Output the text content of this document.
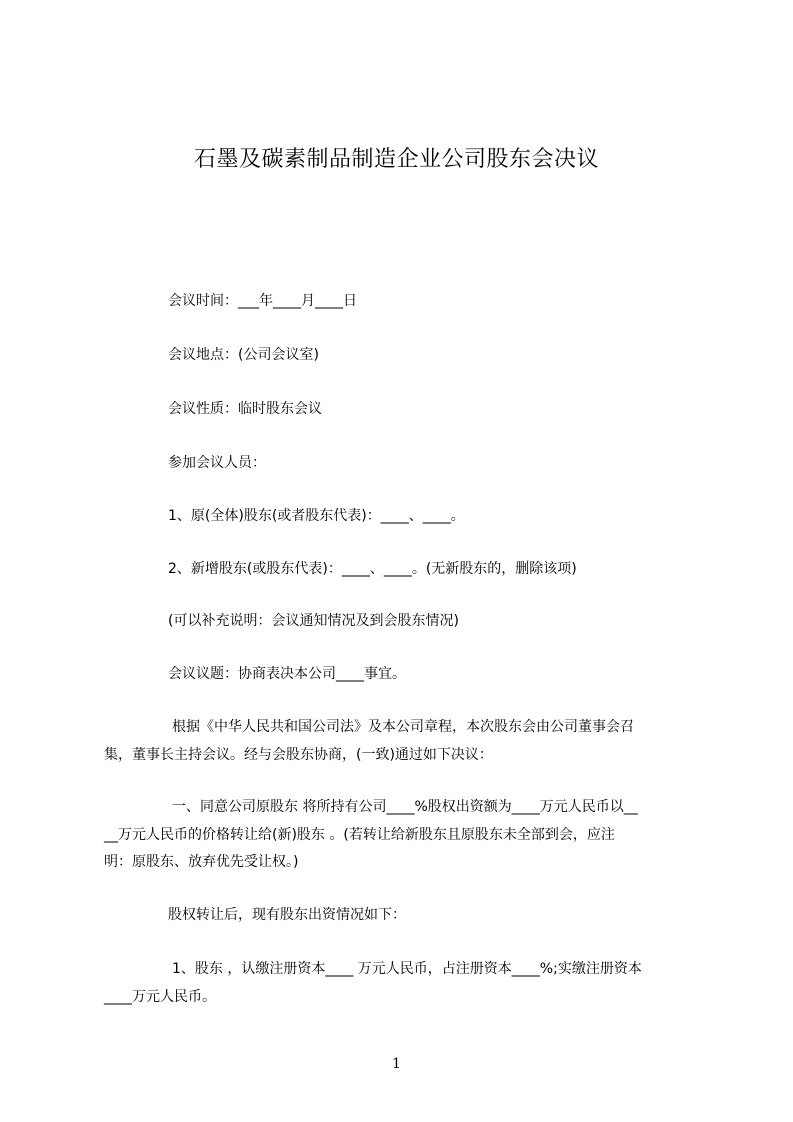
石墨及碳素制品制造企业公司股东会决议
会议时间：___年____月____日
会议地点：(公司会议室)
会议性质：临时股东会议
参加会议人员：
1、原(全体)股东(或者股东代表)：____、____。
2、新增股东(或股东代表)：____、____。(无新股东的，删除该项)
(可以补充说明：会议通知情况及到会股东情况)
会议议题：协商表决本公司____事宜。
根据《中华人民共和国公司法》及本公司章程，本次股东会由公司董事会召
集，董事长主持会议。经与会股东协商，(一致)通过如下决议：
一、同意公司原股东 将所持有公司____%股权出资额为____万元人民币以__
__万元人民币的价格转让给(新)股东 。(若转让给新股东且原股东未全部到会，应注
明：原股东、放弃优先受让权。)
股权转让后，现有股东出资情况如下：
1、股东 ，认缴注册资本____ 万元人民币，占注册资本____%;实缴注册资本
____万元人民币。
1
